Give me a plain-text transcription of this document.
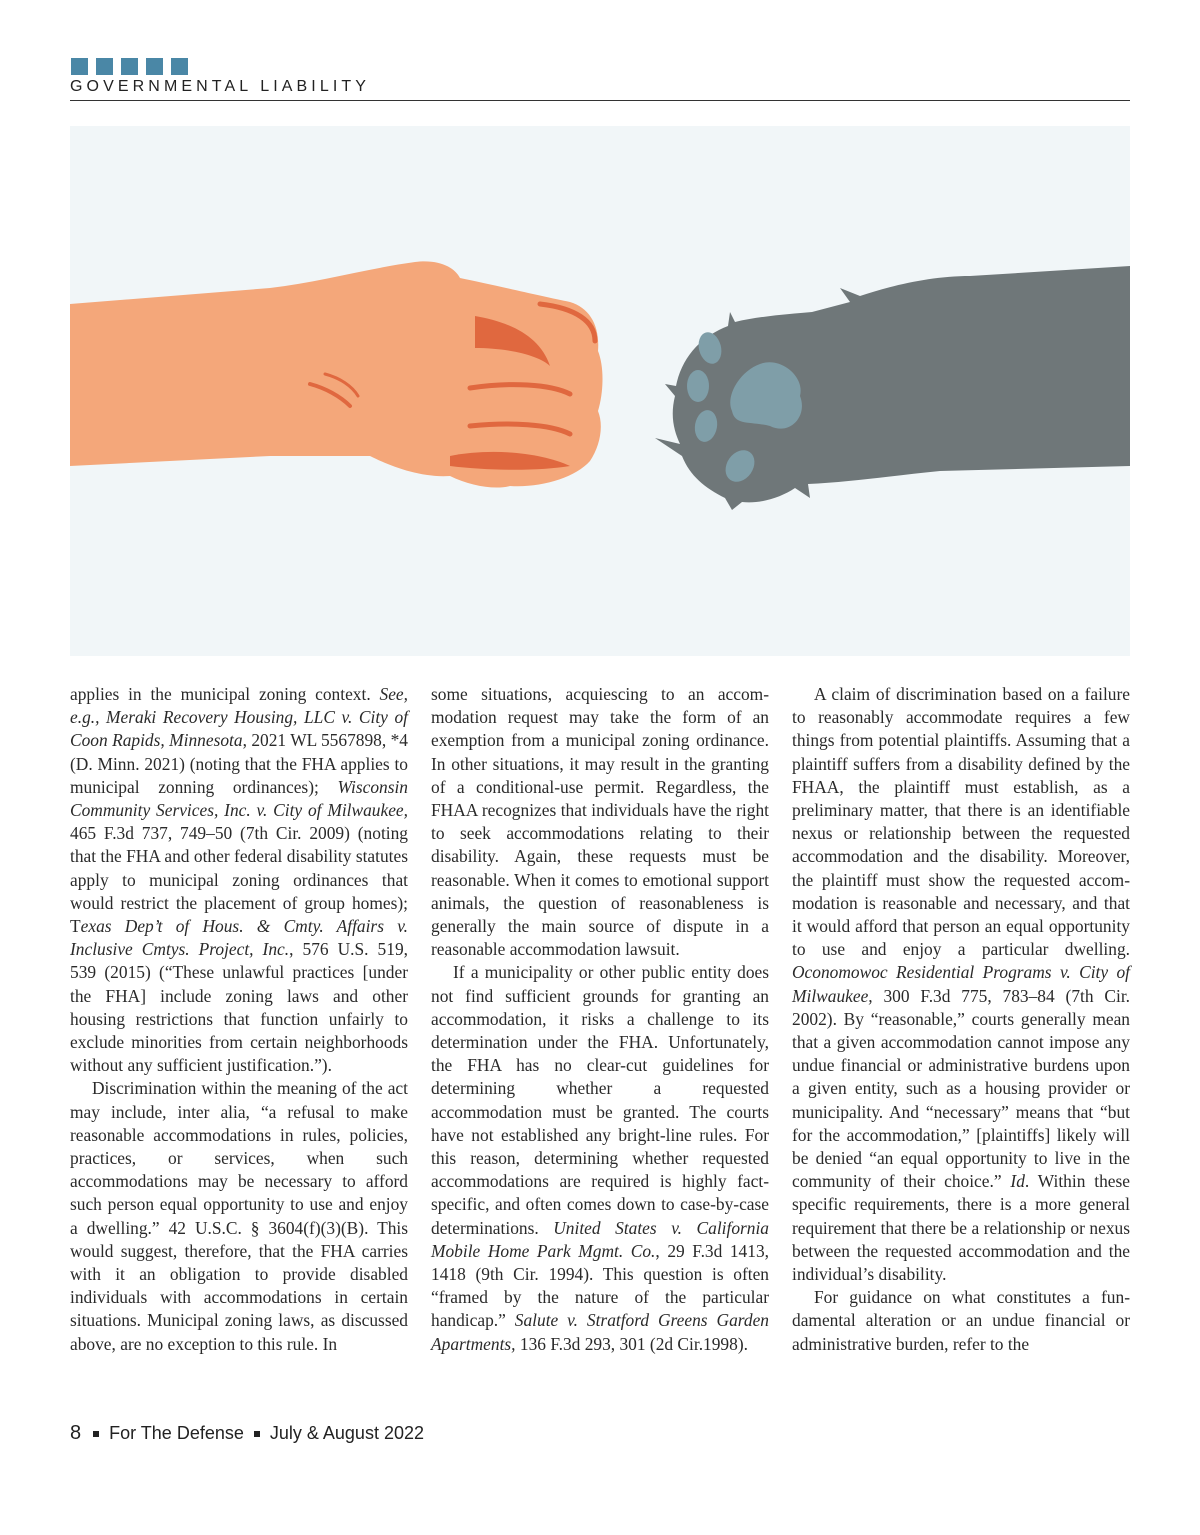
GOVERNMENTAL LIABILITY

applies in the municipal zoning context. See, e.g., Meraki Recovery Housing, LLC v. City of Coon Rapids, Minnesota, 2021 WL 5567898, *4 (D. Minn. 2021) (noting that the FHA applies to municipal zonning ordinances); Wisconsin Community Services, Inc. v. City of Milwaukee, 465 F.3d 737, 749–50 (7th Cir. 2009) (noting that the FHA and other federal disability statutes apply to municipal zoning ordinances that would restrict the placement of group homes); Texas Dep’t of Hous. & Cmty. Affairs v. Inclusive Cmtys. Project, Inc., 576 U.S. 519, 539 (2015) (“These unlawful practices [under the FHA] include zoning laws and other housing restrictions that function unfairly to exclude minorities from certain neighborhoods without any sufficient justification.”).

Discrimination within the meaning of the act may include, inter alia, “a refusal to make reasonable accommodations in rules, policies, practices, or services, when such accommodations may be necessary to afford such person equal opportunity to use and enjoy a dwelling.” 42 U.S.C. § 3604(f)(3)(B). This would suggest, therefore, that the FHA carries with it an obligation to provide disabled individuals with accommodations in certain situations. Municipal zoning laws, as discussed above, are no exception to this rule. In

some situations, acquiescing to an accommodation request may take the form of an exemption from a municipal zoning ordinance. In other situations, it may result in the granting of a conditional-use permit. Regardless, the FHAA recognizes that individuals have the right to seek accommodations relating to their disability. Again, these requests must be reasonable. When it comes to emotional support animals, the question of reasonableness is generally the main source of dispute in a reasonable accommodation lawsuit.

If a municipality or other public entity does not find sufficient grounds for granting an accommodation, it risks a challenge to its determination under the FHA. Unfortunately, the FHA has no clear-cut guidelines for determining whether a requested accommodation must be granted. The courts have not established any bright-line rules. For this reason, determining whether requested accommodations are required is highly fact-specific, and often comes down to case-by-case determinations. United States v. California Mobile Home Park Mgmt. Co., 29 F.3d 1413, 1418 (9th Cir. 1994). This question is often “framed by the nature of the particular handicap.” Salute v. Stratford Greens Garden Apartments, 136 F.3d 293, 301 (2d Cir.1998).

A claim of discrimination based on a failure to reasonably accommodate requires a few things from potential plaintiffs. Assuming that a plaintiff suffers from a disability defined by the FHAA, the plaintiff must establish, as a preliminary matter, that there is an identifiable nexus or relationship between the requested accommodation and the disability. Moreover, the plaintiff must show the requested accommodation is reasonable and necessary, and that it would afford that person an equal opportunity to use and enjoy a particular dwelling. Oconomowoc Residential Programs v. City of Milwaukee, 300 F.3d 775, 783–84 (7th Cir. 2002). By “reasonable,” courts generally mean that a given accommodation cannot impose any undue financial or administrative burdens upon a given entity, such as a housing provider or municipality. And “necessary” means that “but for the accommodation,” [plaintiffs] likely will be denied “an equal opportunity to live in the community of their choice.” Id. Within these specific requirements, there is a more general requirement that there be a relationship or nexus between the requested accommodation and the individual’s disability.

For guidance on what constitutes a fundamental alteration or an undue financial or administrative burden, refer to the

8 For The Defense July & August 2022
